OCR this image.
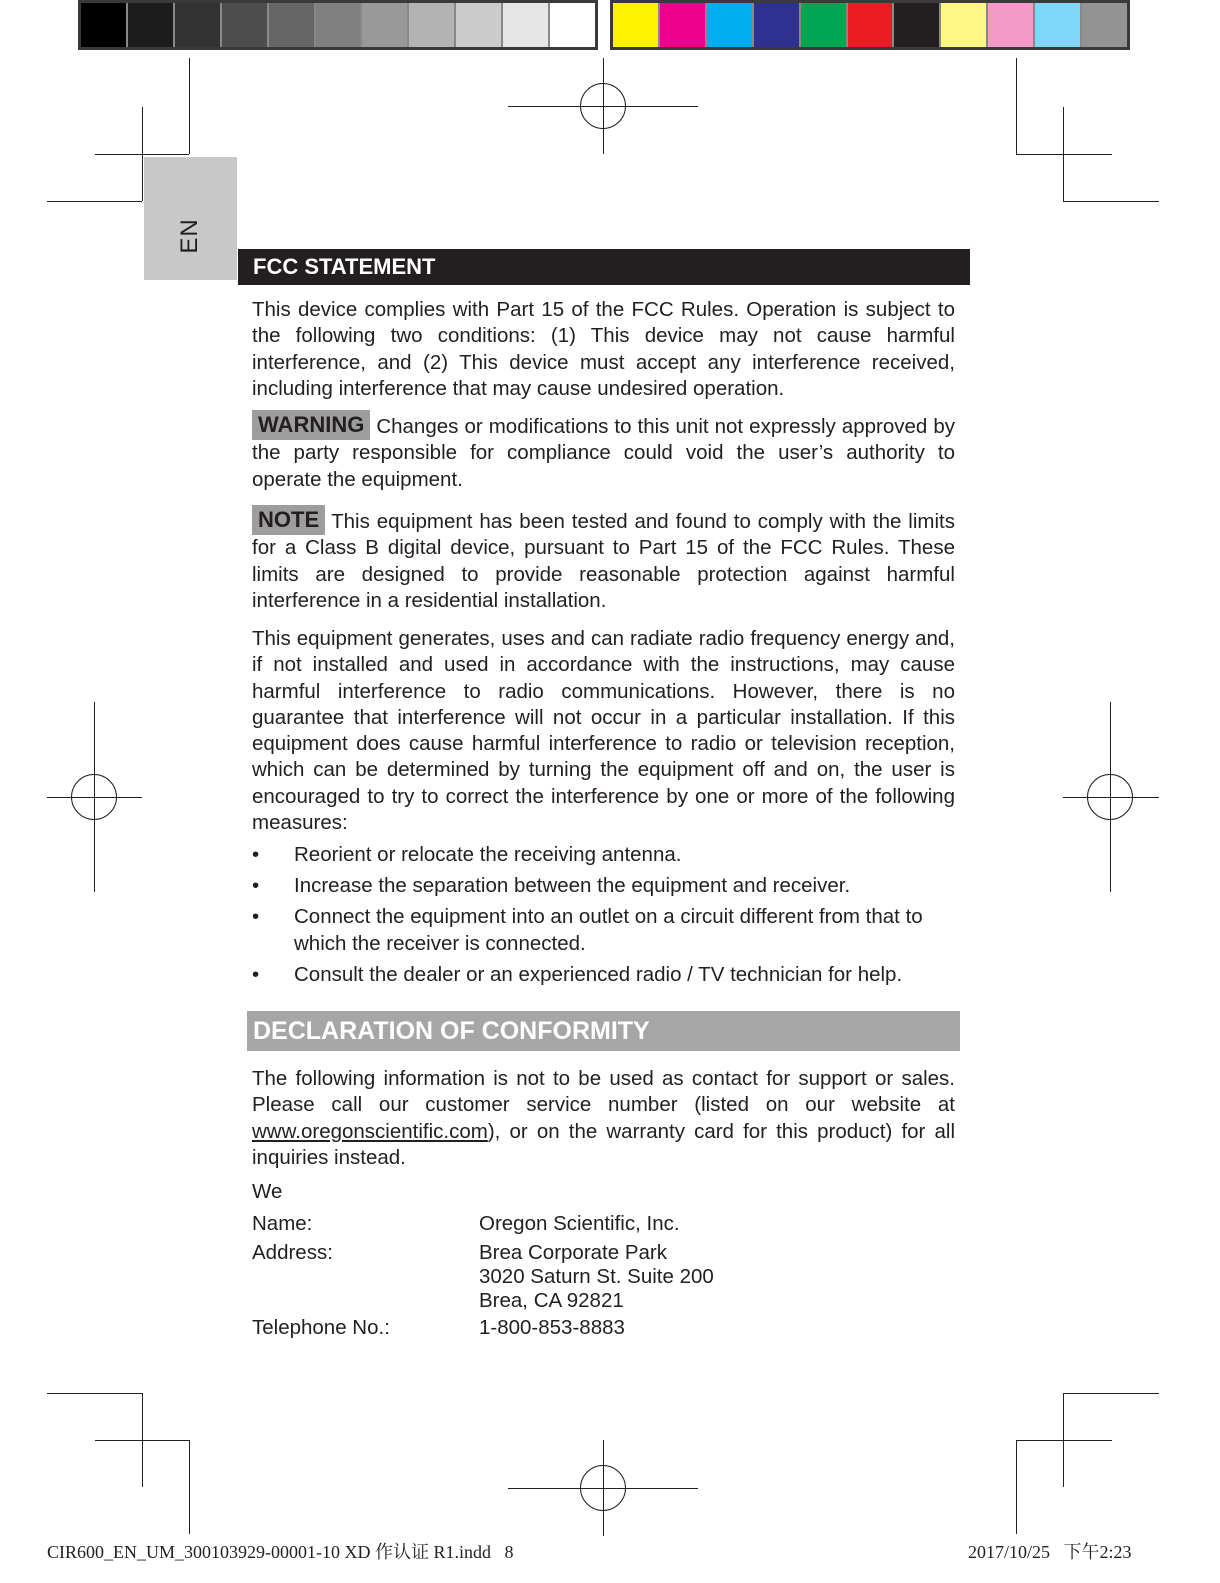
EN
FCC STATEMENT

This device complies with Part 15 of the FCC Rules. Operation is subject to the following two conditions: (1) This device may not cause harmful interference, and (2) This device must accept any interference received, including interference that may cause undesired operation.

WARNING Changes or modifications to this unit not expressly approved by the party responsible for compliance could void the user’s authority to operate the equipment.

NOTE This equipment has been tested and found to comply with the limits for a Class B digital device, pursuant to Part 15 of the FCC Rules. These limits are designed to provide reasonable protection against harmful interference in a residential installation.

This equipment generates, uses and can radiate radio frequency energy and, if not installed and used in accordance with the instructions, may cause harmful interference to radio communications. However, there is no guarantee that interference will not occur in a particular installation. If this equipment does cause harmful interference to radio or television reception, which can be determined by turning the equipment off and on, the user is encouraged to try to correct the interference by one or more of the following measures:

• Reorient or relocate the receiving antenna.
• Increase the separation between the equipment and receiver.
• Connect the equipment into an outlet on a circuit different from that to which the receiver is connected.
• Consult the dealer or an experienced radio / TV technician for help.
DECLARATION OF CONFORMITY

The following information is not to be used as contact for support or sales. Please call our customer service number (listed on our website at www.oregonscientific.com), or on the warranty card for this product) for all inquiries instead.

We
Name:	Oregon Scientific, Inc.
Address:	Brea Corporate Park
3020 Saturn St. Suite 200
Brea, CA 92821
Telephone No.:	1-800-853-8883
CIR600_EN_UM_300103929-00001-10 XD 作认证 R1.indd   8	2017/10/25   下午2:23
